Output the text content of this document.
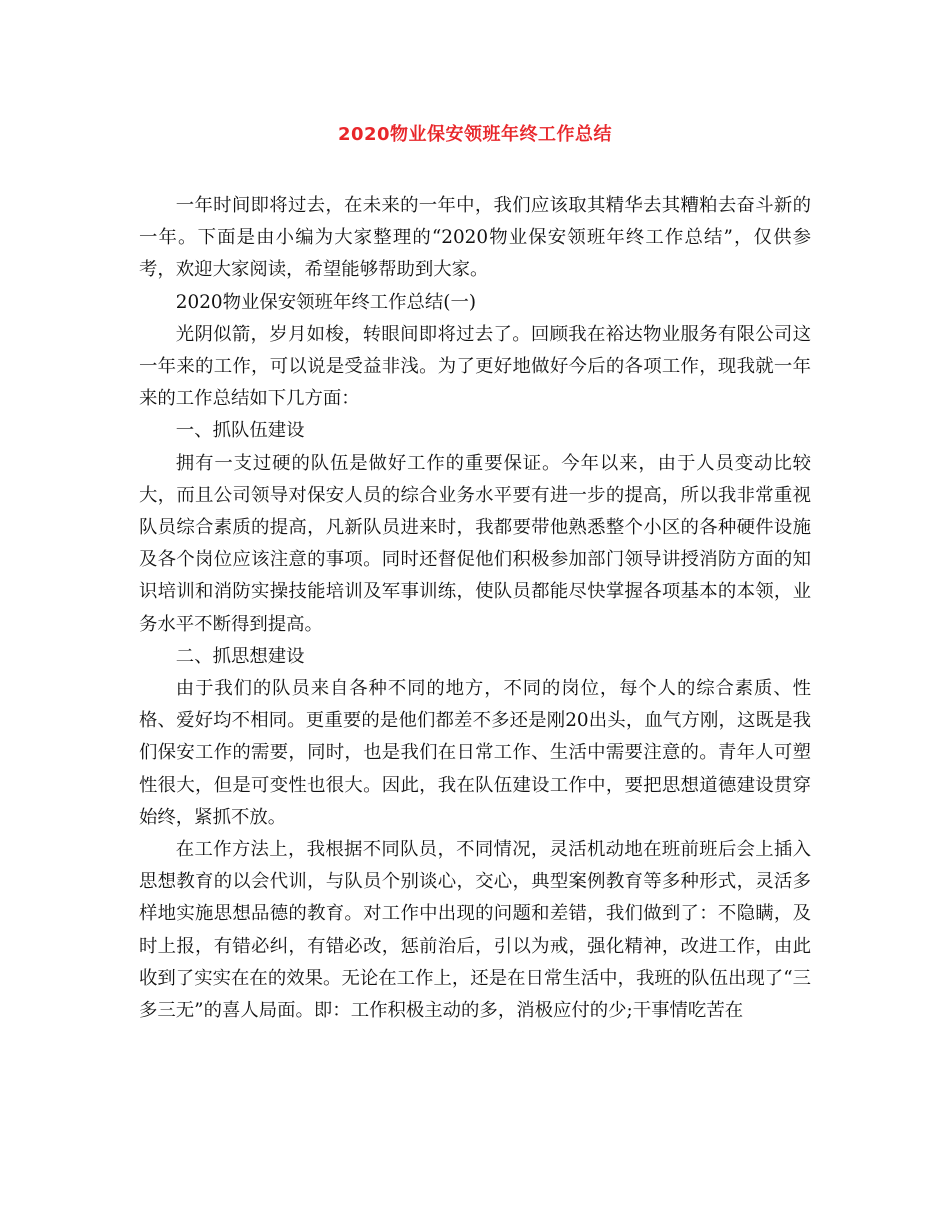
2020物业保安领班年终工作总结

一年时间即将过去，在未来的一年中，我们应该取其精华去其糟粕去奋斗新的一年。下面是由小编为大家整理的“2020物业保安领班年终工作总结”，仅供参考，欢迎大家阅读，希望能够帮助到大家。

2020物业保安领班年终工作总结(一)

光阴似箭，岁月如梭，转眼间即将过去了。回顾我在裕达物业服务有限公司这一年来的工作，可以说是受益非浅。为了更好地做好今后的各项工作，现我就一年来的工作总结如下几方面：

一、抓队伍建设

拥有一支过硬的队伍是做好工作的重要保证。今年以来，由于人员变动比较大，而且公司领导对保安人员的综合业务水平要有进一步的提高，所以我非常重视队员综合素质的提高，凡新队员进来时，我都要带他熟悉整个小区的各种硬件设施及各个岗位应该注意的事项。同时还督促他们积极参加部门领导讲授消防方面的知识培训和消防实操技能培训及军事训练，使队员都能尽快掌握各项基本的本领，业务水平不断得到提高。

二、抓思想建设

由于我们的队员来自各种不同的地方，不同的岗位，每个人的综合素质、性格、爱好均不相同。更重要的是他们都差不多还是刚20出头，血气方刚，这既是我们保安工作的需要，同时，也是我们在日常工作、生活中需要注意的。青年人可塑性很大，但是可变性也很大。因此，我在队伍建设工作中，要把思想道德建设贯穿始终，紧抓不放。

在工作方法上，我根据不同队员，不同情况，灵活机动地在班前班后会上插入思想教育的以会代训，与队员个别谈心，交心，典型案例教育等多种形式，灵活多样地实施思想品德的教育。对工作中出现的问题和差错，我们做到了：不隐瞒，及时上报，有错必纠，有错必改，惩前治后，引以为戒，强化精神，改进工作，由此收到了实实在在的效果。无论在工作上，还是在日常生活中，我班的队伍出现了“三多三无”的喜人局面。即：工作积极主动的多，消极应付的少;干事情吃苦在
